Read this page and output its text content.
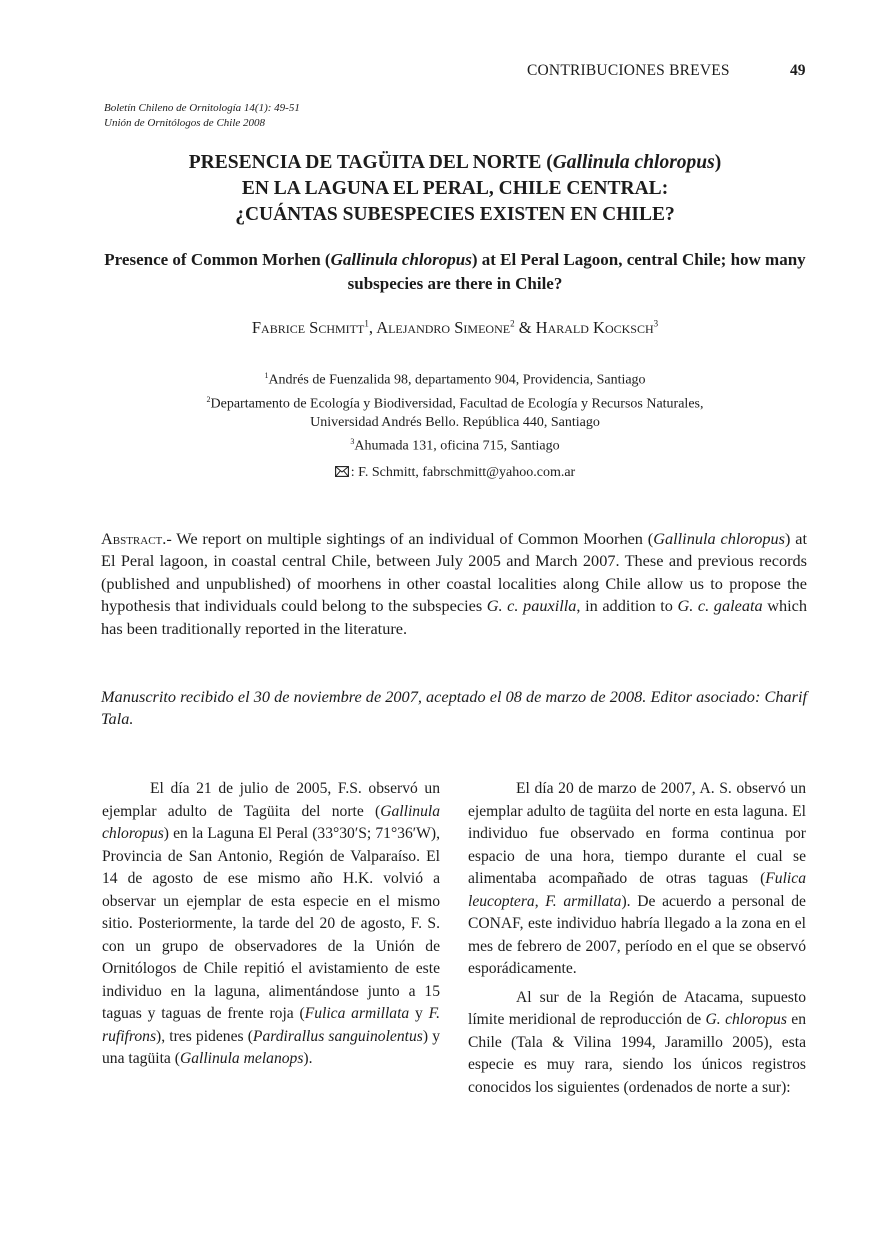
CONTRIBUCIONES BREVES	49
Boletín Chileno de Ornitología 14(1): 49-51
Unión de Ornitólogos de Chile 2008
PRESENCIA DE TAGÜITA DEL NORTE (Gallinula chloropus)
EN LA LAGUNA EL PERAL, CHILE CENTRAL:
¿CUÁNTAS SUBESPECIES EXISTEN EN CHILE?
Presence of Common Morhen (Gallinula chloropus) at El Peral Lagoon, central Chile; how many subspecies are there in Chile?
Fabrice Schmitt$^1$, Alejandro Simeone$^2$ & Harald Kocksch$^3$
$^1$Andrés de Fuenzalida 98, departamento 904, Providencia, Santiago
$^2$Departamento de Ecología y Biodiversidad, Facultad de Ecología y Recursos Naturales,
Universidad Andrés Bello. República 440, Santiago
$^3$Ahumada 131, oficina 715, Santiago
: F. Schmitt, fabrschmitt@yahoo.com.ar
Abstract.- We report on multiple sightings of an individual of Common Moorhen (Gallinula chloropus) at El Peral lagoon, in coastal central Chile, between July 2005 and March 2007. These and previous records (published and unpublished) of moorhens in other coastal localities along Chile allow us to propose the hypothesis that individuals could belong to the subspecies G. c. pauxilla, in addition to G. c. galeata which has been traditionally reported in the literature.
Manuscrito recibido el 30 de noviembre de 2007, aceptado el 08 de marzo de 2008. Editor asociado: Charif Tala.

El día 21 de julio de 2005, F.S. observó un ejemplar adulto de Tagüita del norte (Gallinula chloropus) en la Laguna El Peral (33°30′S; 71°36′W), Provincia de San Antonio, Región de Valparaíso. El 14 de agosto de ese mismo año H.K. volvió a observar un ejemplar de esta especie en el mismo sitio. Posteriormente, la tarde del 20 de agosto, F. S. con un grupo de observadores de la Unión de Ornitólogos de Chile repitió el avistamiento de este individuo en la laguna, alimentándose junto a 15 taguas y taguas de frente roja (Fulica armillata y F. rufifrons), tres pidenes (Pardirallus sanguinolentus) y una tagüita (Gallinula melanops).

El día 20 de marzo de 2007, A. S. observó un ejemplar adulto de tagüita del norte en esta laguna. El individuo fue observado en forma continua por espacio de una hora, tiempo durante el cual se alimentaba acompañado de otras taguas (Fulica leucoptera, F. armillata). De acuerdo a personal de CONAF, este individuo habría llegado a la zona en el mes de febrero de 2007, período en el que se observó esporádicamente.

Al sur de la Región de Atacama, supuesto límite meridional de reproducción de G. chloropus en Chile (Tala & Vilina 1994, Jaramillo 2005), esta especie es muy rara, siendo los únicos registros conocidos los siguientes (ordenados de norte a sur):
